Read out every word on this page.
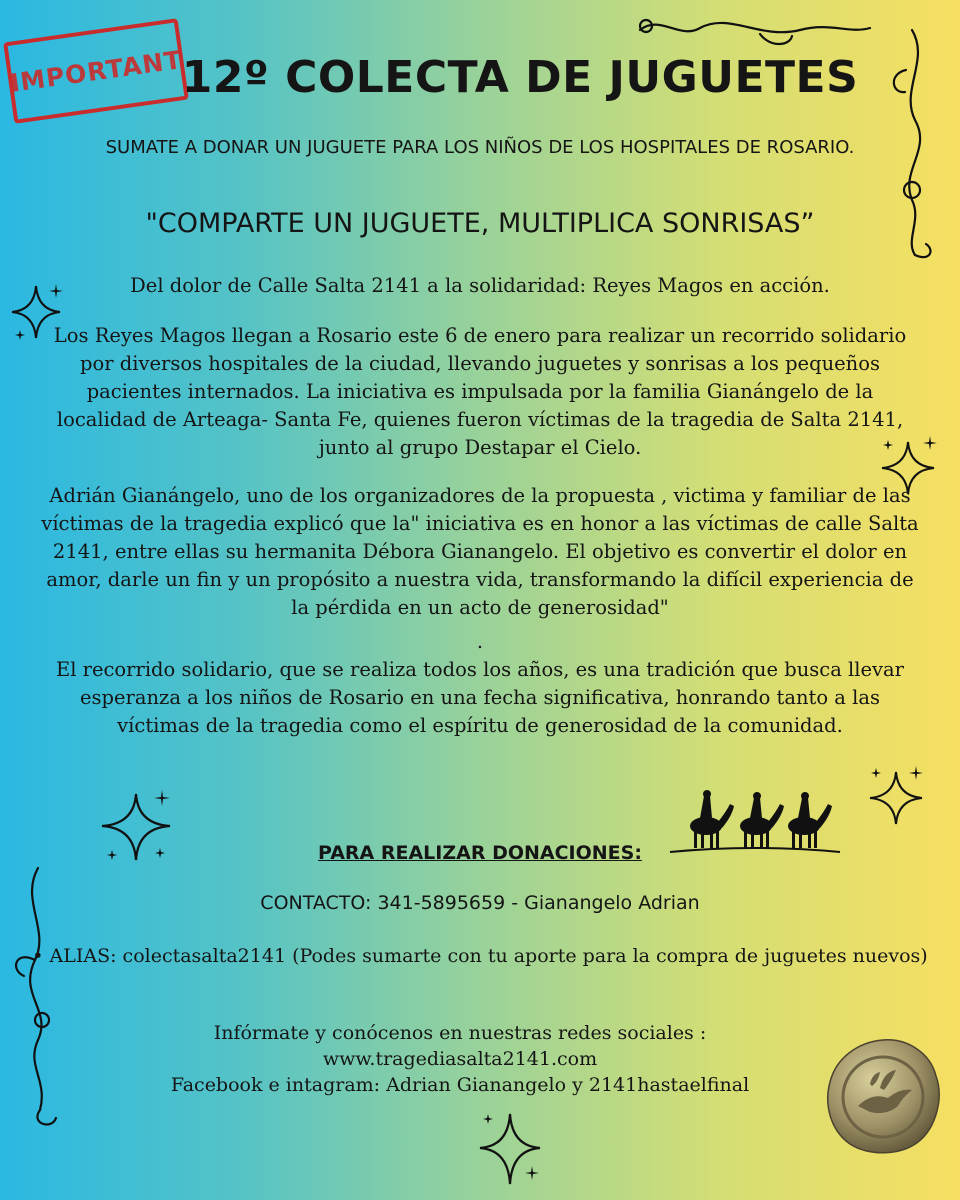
IMPORTANT
12º COLECTA DE JUGUETES

SUMATE A DONAR UN JUGUETE PARA LOS NIÑOS DE LOS HOSPITALES DE ROSARIO.

"COMPARTE UN JUGUETE, MULTIPLICA SONRISAS”

Del dolor de Calle Salta 2141 a la solidaridad: Reyes Magos en acción.

Los Reyes Magos llegan a Rosario este 6 de enero para realizar un recorrido solidario por diversos hospitales de la ciudad, llevando juguetes y sonrisas a los pequeños pacientes internados. La iniciativa es impulsada por la familia Gianángelo de la localidad de Arteaga- Santa Fe, quienes fueron víctimas de la tragedia de Salta 2141, junto al grupo Destapar el Cielo.

Adrián Gianángelo, uno de los organizadores de la propuesta , victima y familiar de las víctimas de la tragedia explicó que la" iniciativa es en honor a las víctimas de calle Salta 2141, entre ellas su hermanita Débora Gianangelo. El objetivo es convertir el dolor en amor, darle un fin y un propósito a nuestra vida, transformando la difícil experiencia de la pérdida en un acto de generosidad"

.

El recorrido solidario, que se realiza todos los años, es una tradición que busca llevar esperanza a los niños de Rosario en una fecha significativa, honrando tanto a las víctimas de la tragedia como el espíritu de generosidad de la comunidad.

PARA REALIZAR DONACIONES:

CONTACTO: 341-5895659 - Gianangelo Adrian

• ALIAS: colectasalta2141 (Podes sumarte con tu aporte para la compra de juguetes nuevos)

Infórmate y conócenos en nuestras redes sociales :

www.tragediasalta2141.com

Facebook e intagram: Adrian Gianangelo y 2141hastaelfinal
